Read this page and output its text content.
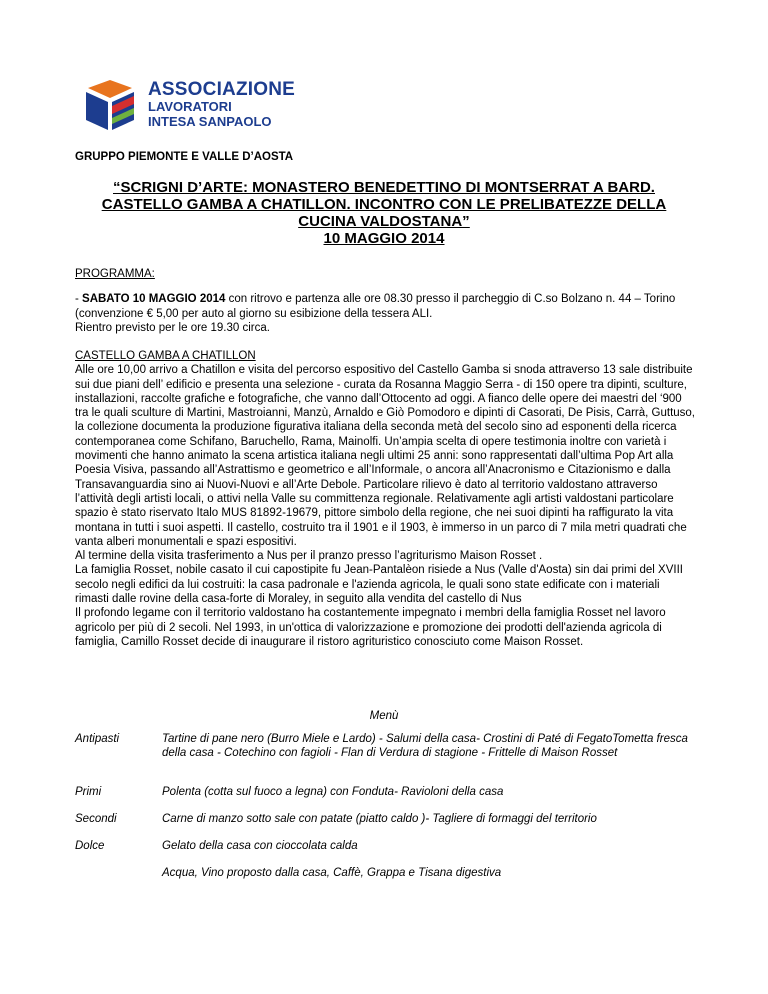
ASSOCIAZIONE
LAVORATORI
INTESA SANPAOLO
GRUPPO PIEMONTE E VALLE D’AOSTA
“SCRIGNI D’ARTE: MONASTERO BENEDETTINO DI MONTSERRAT A BARD.
CASTELLO GAMBA A CHATILLON. INCONTRO CON LE PRELIBATEZZE DELLA
CUCINA VALDOSTANA”
10 MAGGIO 2014

PROGRAMMA:

- SABATO 10 MAGGIO 2014 con ritrovo e partenza alle ore 08.30 presso il parcheggio di C.so Bolzano n. 44 – Torino (convenzione € 5,00 per auto al giorno su esibizione della tessera ALI.

Rientro previsto per le ore 19.30 circa.

CASTELLO GAMBA A CHATILLON

Alle ore 10,00 arrivo a Chatillon e visita del percorso espositivo del Castello Gamba si snoda attraverso 13 sale distribuite sui due piani dell’ edificio e presenta una selezione - curata da Rosanna Maggio Serra - di 150 opere tra dipinti, sculture, installazioni, raccolte grafiche e fotografiche, che vanno dall’Ottocento ad oggi. A fianco delle opere dei maestri del ‘900 tra le quali sculture di Martini, Mastroianni, Manzù, Arnaldo e Giò Pomodoro e dipinti di Casorati, De Pisis, Carrà, Guttuso, la collezione documenta la produzione figurativa italiana della seconda metà del secolo sino ad esponenti della ricerca contemporanea come Schifano, Baruchello, Rama, Mainolfi. Un’ampia scelta di opere testimonia inoltre con varietà i movimenti che hanno animato la scena artistica italiana negli ultimi 25 anni: sono rappresentati dall’ultima Pop Art alla Poesia Visiva, passando all’Astrattismo e geometrico e all’Informale, o ancora all’Anacronismo e Citazionismo e dalla Transavanguardia sino ai Nuovi-Nuovi e all’Arte Debole. Particolare rilievo è dato al territorio valdostano attraverso l’attività degli artisti locali, o attivi nella Valle su committenza regionale. Relativamente agli artisti valdostani particolare spazio è stato riservato Italo MUS 81892-19679, pittore simbolo della regione, che nei suoi dipinti ha raffigurato la vita montana in tutti i suoi aspetti. Il castello, costruito tra il 1901 e il 1903, è immerso in un parco di 7 mila metri quadrati che vanta alberi monumentali e spazi espositivi.

Al termine della visita trasferimento a Nus per il pranzo presso l’agriturismo Maison Rosset .

La famiglia Rosset, nobile casato il cui capostipite fu Jean-Pantalèon risiede a Nus (Valle d'Aosta) sin dai primi del XVIII secolo negli edifici da lui costruiti: la casa padronale e l'azienda agricola, le quali sono state edificate con i materiali rimasti dalle rovine della casa-forte di Moraley, in seguito alla vendita del castello di Nus

Il profondo legame con il territorio valdostano ha costantemente impegnato i membri della famiglia Rosset nel lavoro agricolo per più di 2 secoli. Nel 1993, in un'ottica di valorizzazione e promozione dei prodotti dell'azienda agricola di famiglia, Camillo Rosset decide di inaugurare il ristoro agrituristico conosciuto come Maison Rosset.

Menù
Antipasti	Tartine di pane nero (Burro Miele e Lardo) - Salumi della casa- Crostini di Paté di FegatoTometta fresca della casa - Cotechino con fagioli - Flan di Verdura di stagione - Frittelle di Maison Rosset
Primi	Polenta (cotta sul fuoco a legna) con Fonduta- Ravioloni della casa
Secondi	Carne di manzo sotto sale con patate (piatto caldo )- Tagliere di formaggi del territorio
Dolce	Gelato della casa con cioccolata calda
Acqua, Vino proposto dalla casa, Caffè, Grappa e Tisana digestiva
